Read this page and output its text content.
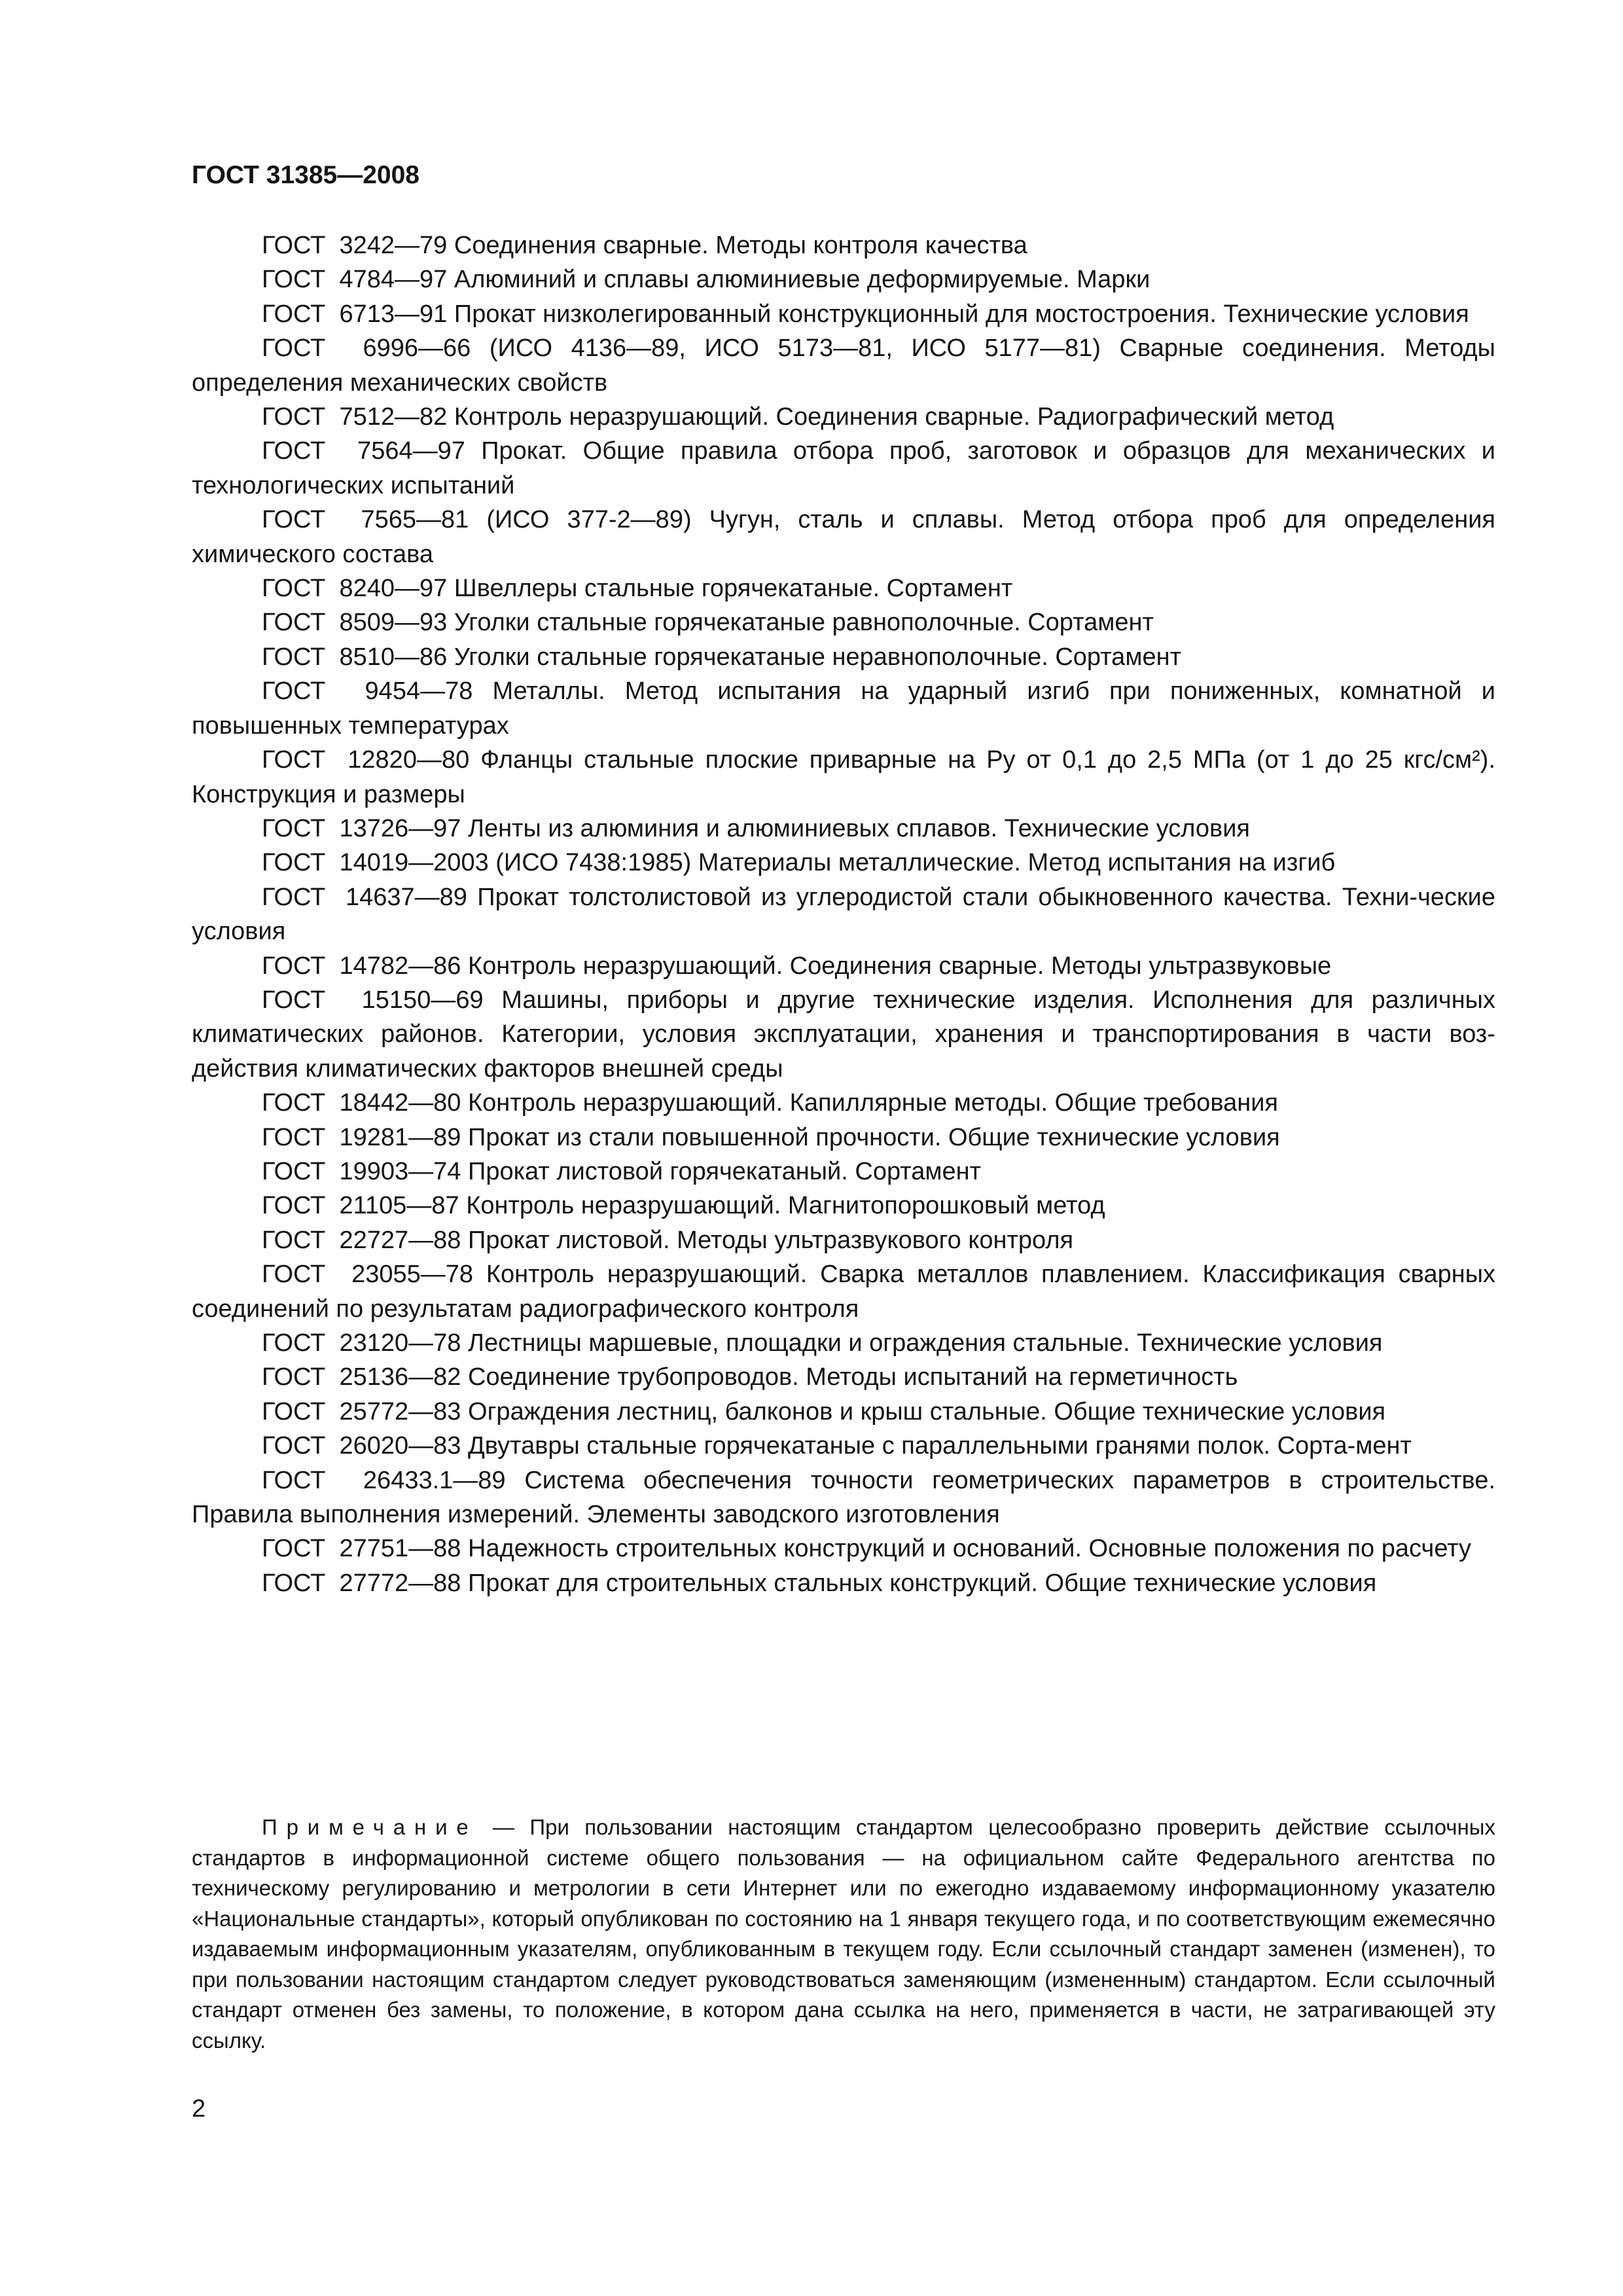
ГОСТ 31385—2008

ГОСТ  3242—79 Соединения сварные. Методы контроля качества

ГОСТ  4784—97 Алюминий и сплавы алюминиевые деформируемые. Марки

ГОСТ  6713—91 Прокат низколегированный конструкционный для мостостроения. Технические условия

ГОСТ  6996—66 (ИСО 4136—89, ИСО 5173—81, ИСО 5177—81) Сварные соединения. Методы определения механических свойств

ГОСТ  7512—82 Контроль неразрушающий. Соединения сварные. Радиографический метод

ГОСТ  7564—97 Прокат. Общие правила отбора проб, заготовок и образцов для механических и технологических испытаний

ГОСТ  7565—81 (ИСО 377-2—89) Чугун, сталь и сплавы. Метод отбора проб для определения химического состава

ГОСТ  8240—97 Швеллеры стальные горячекатаные. Сортамент

ГОСТ  8509—93 Уголки стальные горячекатаные равнополочные. Сортамент

ГОСТ  8510—86 Уголки стальные горячекатаные неравнополочные. Сортамент

ГОСТ  9454—78 Металлы. Метод испытания на ударный изгиб при пониженных, комнатной и повышенных температурах

ГОСТ  12820—80 Фланцы стальные плоские приварные на Pу от 0,1 до 2,5 МПа (от 1 до 25 кгс/см²). Конструкция и размеры

ГОСТ  13726—97 Ленты из алюминия и алюминиевых сплавов. Технические условия

ГОСТ  14019—2003 (ИСО 7438:1985) Материалы металлические. Метод испытания на изгиб

ГОСТ  14637—89 Прокат толстолистовой из углеродистой стали обыкновенного качества. Техни-ческие условия

ГОСТ  14782—86 Контроль неразрушающий. Соединения сварные. Методы ультразвуковые

ГОСТ  15150—69 Машины, приборы и другие технические изделия. Исполнения для различных климатических районов. Категории, условия эксплуатации, хранения и транспортирования в части воз-действия климатических факторов внешней среды

ГОСТ  18442—80 Контроль неразрушающий. Капиллярные методы. Общие требования

ГОСТ  19281—89 Прокат из стали повышенной прочности. Общие технические условия

ГОСТ  19903—74 Прокат листовой горячекатаный. Сортамент

ГОСТ  21105—87 Контроль неразрушающий. Магнитопорошковый метод

ГОСТ  22727—88 Прокат листовой. Методы ультразвукового контроля

ГОСТ  23055—78 Контроль неразрушающий. Сварка металлов плавлением. Классификация сварных соединений по результатам радиографического контроля

ГОСТ  23120—78 Лестницы маршевые, площадки и ограждения стальные. Технические условия

ГОСТ  25136—82 Соединение трубопроводов. Методы испытаний на герметичность

ГОСТ  25772—83 Ограждения лестниц, балконов и крыш стальные. Общие технические условия

ГОСТ  26020—83 Двутавры стальные горячекатаные с параллельными гранями полок. Сорта-мент

ГОСТ  26433.1—89 Система обеспечения точности геометрических параметров в строительстве. Правила выполнения измерений. Элементы заводского изготовления

ГОСТ  27751—88 Надежность строительных конструкций и оснований. Основные положения по расчету

ГОСТ  27772—88 Прокат для строительных стальных конструкций. Общие технические условия

Примечание — При пользовании настоящим стандартом целесообразно проверить действие ссылочных стандартов в информационной системе общего пользования — на официальном сайте Федерального агентства по техническому регулированию и метрологии в сети Интернет или по ежегодно издаваемому информационному указателю «Национальные стандарты», который опубликован по состоянию на 1 января текущего года, и по соответствующим ежемесячно издаваемым информационным указателям, опубликованным в текущем году. Если ссылочный стандарт заменен (изменен), то при пользовании настоящим стандартом следует руководствоваться заменяющим (измененным) стандартом. Если ссылочный стандарт отменен без замены, то положение, в котором дана ссылка на него, применяется в части, не затрагивающей эту ссылку.

2
